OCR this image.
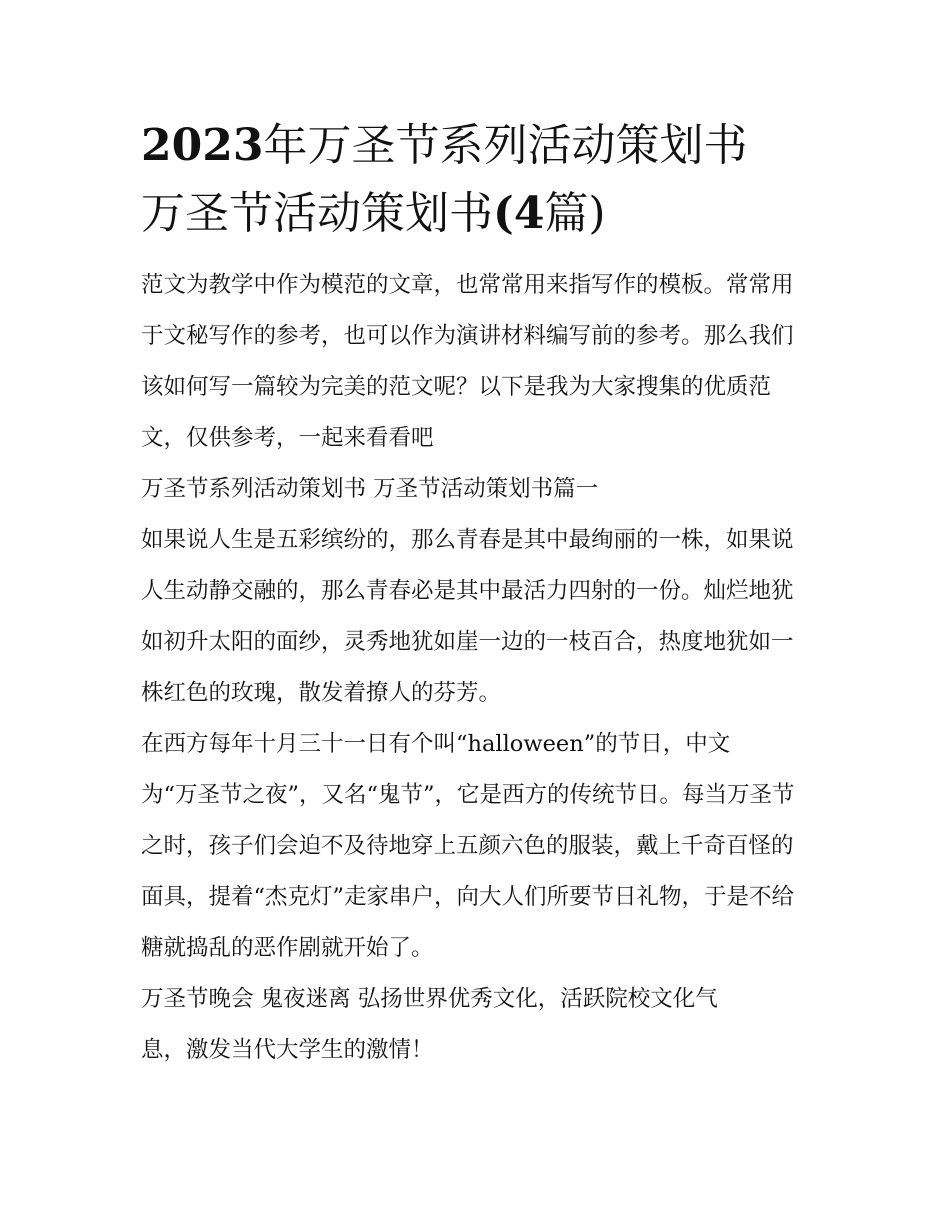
2023年万圣节系列活动策划书
万圣节活动策划书(4篇)

范文为教学中作为模范的文章，也常常用来指写作的模板。常常用于文秘写作的参考，也可以作为演讲材料编写前的参考。那么我们该如何写一篇较为完美的范文呢？以下是我为大家搜集的优质范文，仅供参考，一起来看看吧

万圣节系列活动策划书 万圣节活动策划书篇一

如果说人生是五彩缤纷的，那么青春是其中最绚丽的一株，如果说人生动静交融的，那么青春必是其中最活力四射的一份。灿烂地犹如初升太阳的面纱，灵秀地犹如崖一边的一枝百合，热度地犹如一株红色的玫瑰，散发着撩人的芬芳。

在西方每年十月三十一日有个叫“halloween”的节日，中文

为“万圣节之夜”，又名“鬼节”，它是西方的传统节日。每当万圣节之时，孩子们会迫不及待地穿上五颜六色的服装，戴上千奇百怪的面具，提着“杰克灯”走家串户，向大人们所要节日礼物，于是不给糖就捣乱的恶作剧就开始了。

万圣节晚会 鬼夜迷离 弘扬世界优秀文化，活跃院校文化气

息，激发当代大学生的激情！
